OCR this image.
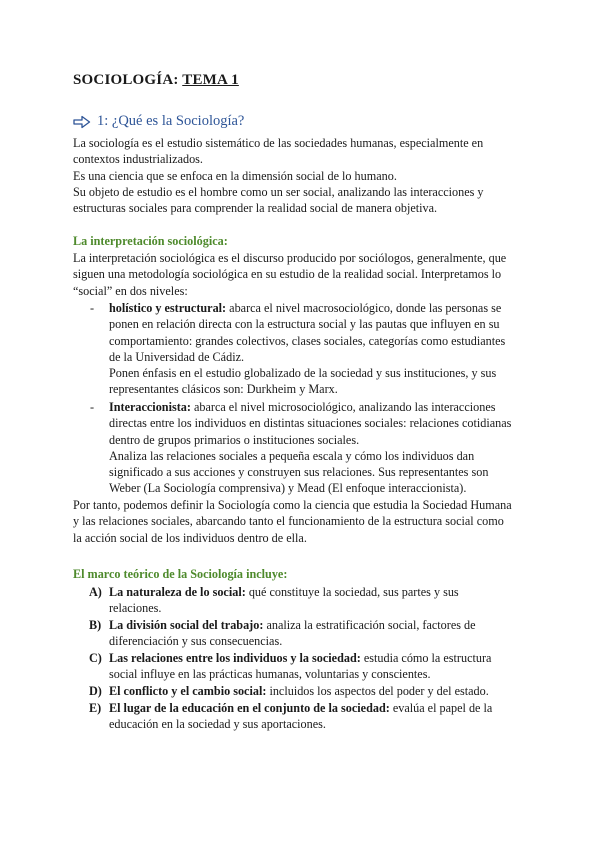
SOCIOLOGÍA: TEMA 1
1: ¿Qué es la Sociología?

La sociología es el estudio sistemático de las sociedades humanas, especialmente en

contextos industrializados.

Es una ciencia que se enfoca en la dimensión social de lo humano.

Su objeto de estudio es el hombre como un ser social, analizando las interacciones y

estructuras sociales para comprender la realidad social de manera objetiva.

La interpretación sociológica:

La interpretación sociológica es el discurso producido por sociólogos, generalmente, que

siguen una metodología sociológica en su estudio de la realidad social. Interpretamos lo

“social” en dos niveles:

- holístico y estructural: abarca el nivel macrosociológico, donde las personas se

ponen en relación directa con la estructura social y las pautas que influyen en su

comportamiento: grandes colectivos, clases sociales, categorías como estudiantes

de la Universidad de Cádiz.

Ponen énfasis en el estudio globalizado de la sociedad y sus instituciones, y sus

representantes clásicos son: Durkheim y Marx.

- Interaccionista: abarca el nivel microsociológico, analizando las interacciones

directas entre los individuos en distintas situaciones sociales: relaciones cotidianas

dentro de grupos primarios o instituciones sociales.

Analiza las relaciones sociales a pequeña escala y cómo los individuos dan

significado a sus acciones y construyen sus relaciones. Sus representantes son

Weber (La Sociología comprensiva) y Mead (El enfoque interaccionista).

Por tanto, podemos definir la Sociología como la ciencia que estudia la Sociedad Humana

y las relaciones sociales, abarcando tanto el funcionamiento de la estructura social como

la acción social de los individuos dentro de ella.

El marco teórico de la Sociología incluye:
A) La naturaleza de lo social: qué constituye la sociedad, sus partes y sus

relaciones.

B) La división social del trabajo: analiza la estratificación social, factores de

diferenciación y sus consecuencias.

C) Las relaciones entre los individuos y la sociedad: estudia cómo la estructura

social influye en las prácticas humanas, voluntarias y conscientes.

D) El conflicto y el cambio social: incluidos los aspectos del poder y del estado.

E) El lugar de la educación en el conjunto de la sociedad: evalúa el papel de la

educación en la sociedad y sus aportaciones.
